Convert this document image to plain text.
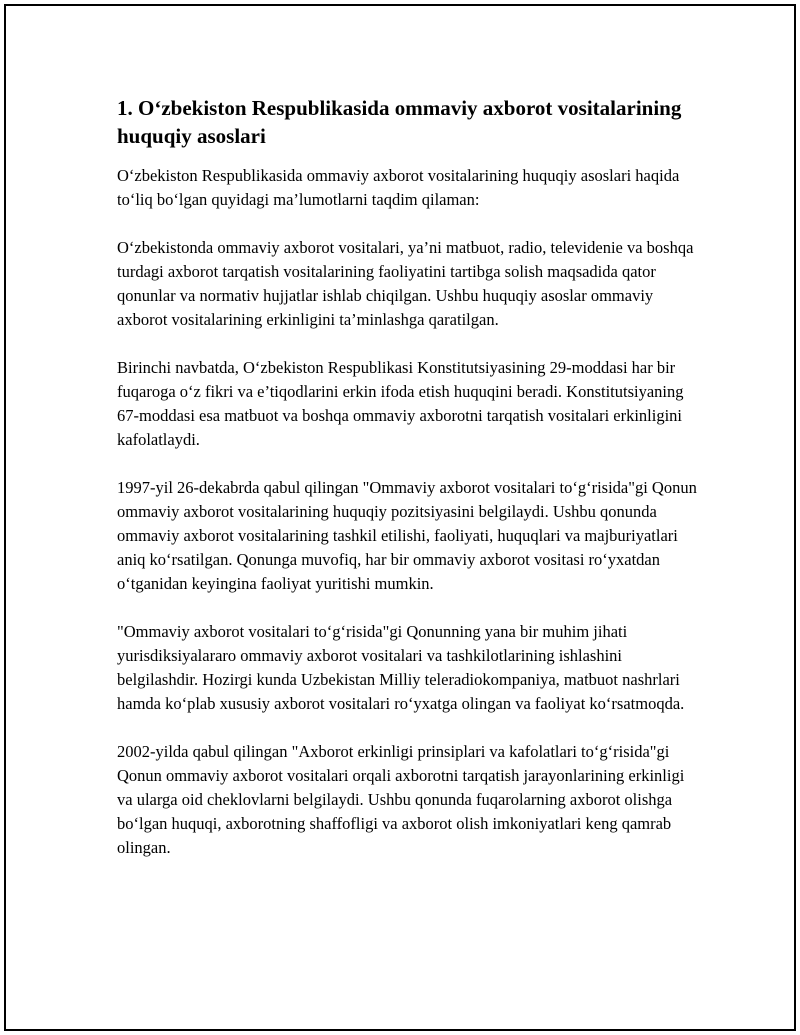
1. O‘zbekiston Respublikasida ommaviy axborot vositalarining huquqiy asoslari

O‘zbekiston Respublikasida ommaviy axborot vositalarining huquqiy asoslari haqida to‘liq bo‘lgan quyidagi ma’lumotlarni taqdim qilaman:

O‘zbekistonda ommaviy axborot vositalari, ya’ni matbuot, radio, televidenie va boshqa turdagi axborot tarqatish vositalarining faoliyatini tartibga solish maqsadida qator qonunlar va normativ hujjatlar ishlab chiqilgan. Ushbu huquqiy asoslar ommaviy axborot vositalarining erkinligini ta’minlashga qaratilgan.

Birinchi navbatda, O‘zbekiston Respublikasi Konstitutsiyasining 29-moddasi har bir fuqaroga o‘z fikri va e’tiqodlarini erkin ifoda etish huquqini beradi. Konstitutsiyaning 67-moddasi esa matbuot va boshqa ommaviy axborotni tarqatish vositalari erkinligini kafolatlaydi.

1997-yil 26-dekabrda qabul qilingan "Ommaviy axborot vositalari to‘g‘risida"gi Qonun ommaviy axborot vositalarining huquqiy pozitsiyasini belgilaydi. Ushbu qonunda ommaviy axborot vositalarining tashkil etilishi, faoliyati, huquqlari va majburiyatlari aniq ko‘rsatilgan. Qonunga muvofiq, har bir ommaviy axborot vositasi ro‘yxatdan o‘tganidan keyingina faoliyat yuritishi mumkin.

"Ommaviy axborot vositalari to‘g‘risida"gi Qonunning yana bir muhim jihati yurisdiksiyalararo ommaviy axborot vositalari va tashkilotlarining ishlashini belgilashdir. Hozirgi kunda Uzbekistan Milliy teleradiokompaniya, matbuot nashrlari hamda ko‘plab xususiy axborot vositalari ro‘yxatga olingan va faoliyat ko‘rsatmoqda.

2002-yilda qabul qilingan "Axborot erkinligi prinsiplari va kafolatlari to‘g‘risida"gi Qonun ommaviy axborot vositalari orqali axborotni tarqatish jarayonlarining erkinligi va ularga oid cheklovlarni belgilaydi. Ushbu qonunda fuqarolarning axborot olishga bo‘lgan huquqi, axborotning shaffofligi va axborot olish imkoniyatlari keng qamrab olingan.
